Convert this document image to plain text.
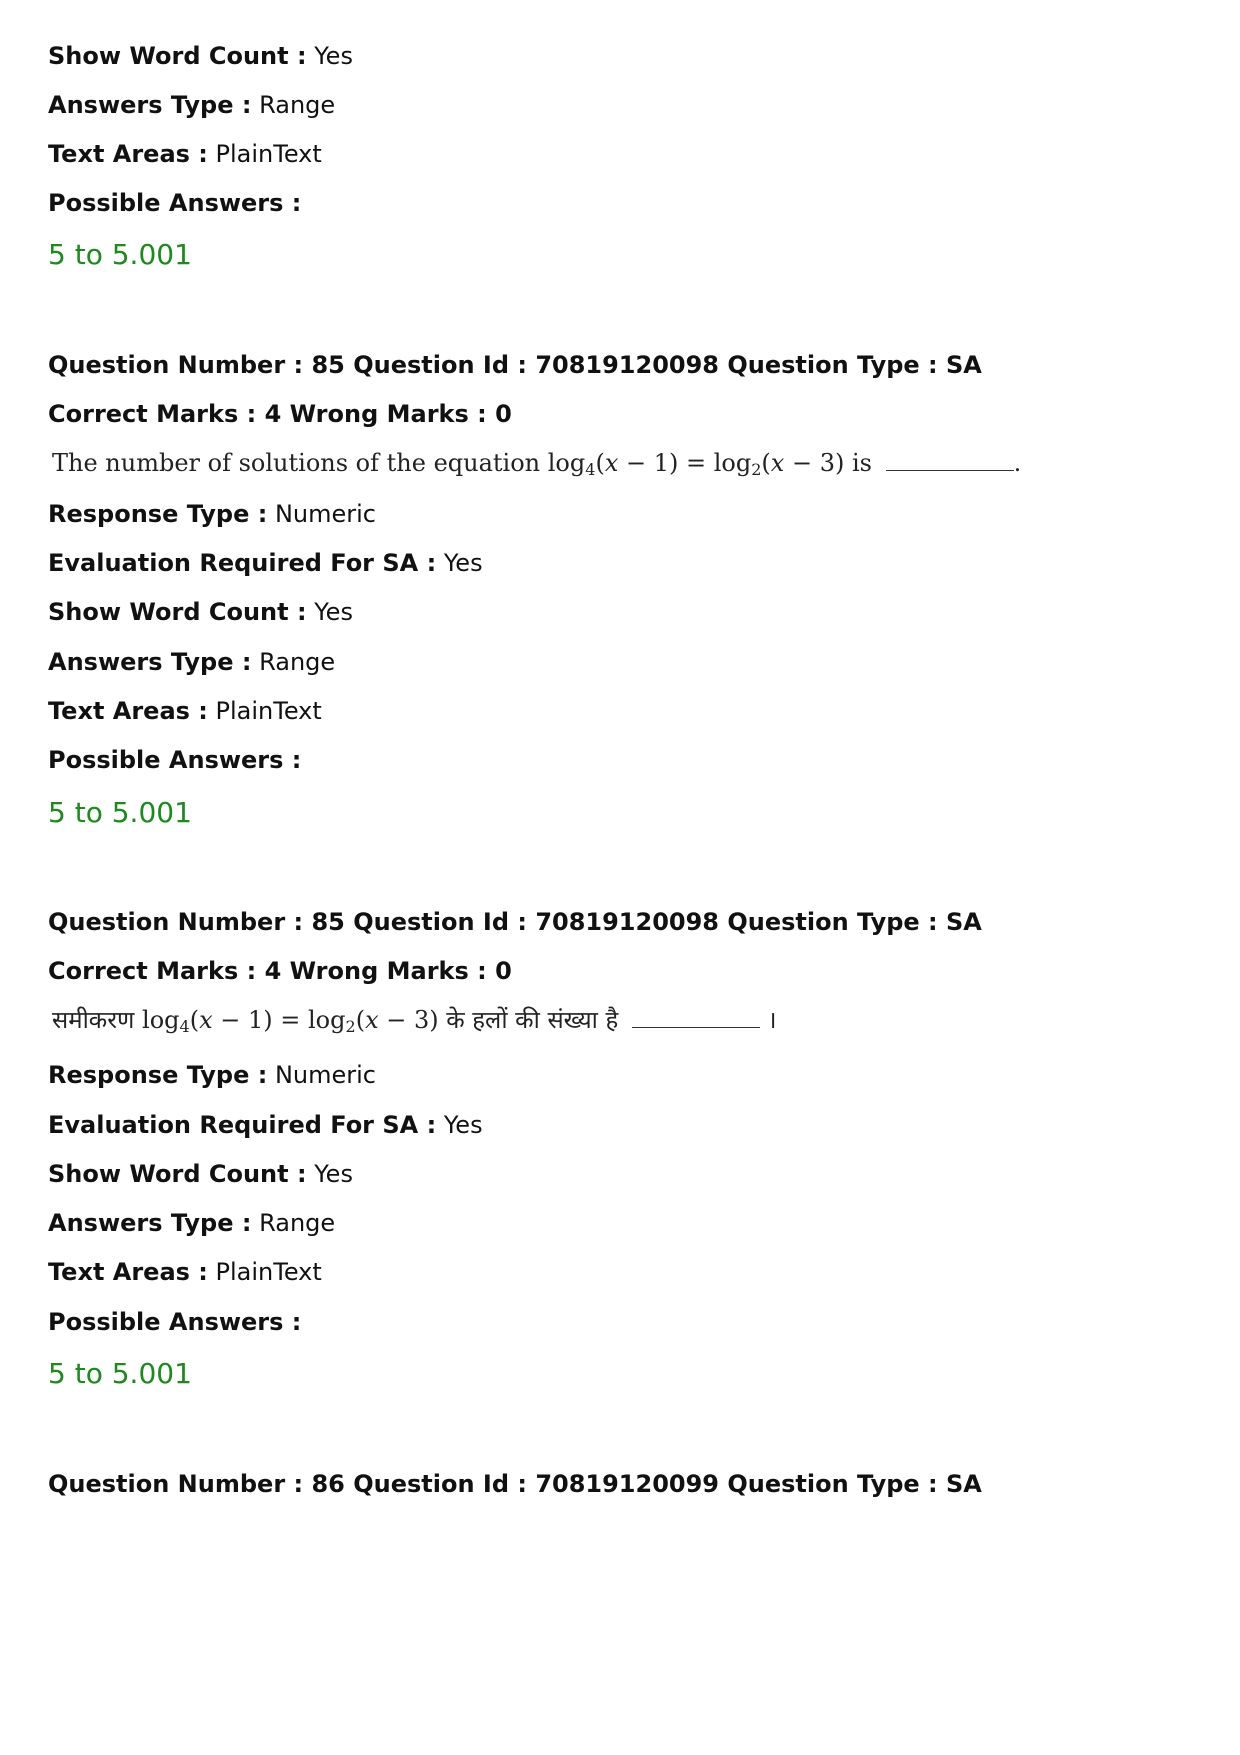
Show Word Count : Yes
Answers Type : Range
Text Areas : PlainText
Possible Answers :
5 to 5.001
Question Number : 85 Question Id : 70819120098 Question Type : SA
Correct Marks : 4 Wrong Marks : 0
The number of solutions of the equation $\log_4(x - 1) = \log_2(x - 3)$ is	.
Response Type : Numeric
Evaluation Required For SA : Yes
Show Word Count : Yes
Answers Type : Range
Text Areas : PlainText
Possible Answers :
5 to 5.001
Question Number : 85 Question Id : 70819120098 Question Type : SA
Correct Marks : 4 Wrong Marks : 0
समीकरण $\log_4(x - 1) = \log_2(x - 3)$ के हलों की संख्या है	।
Response Type : Numeric
Evaluation Required For SA : Yes
Show Word Count : Yes
Answers Type : Range
Text Areas : PlainText
Possible Answers :
5 to 5.001
Question Number : 86 Question Id : 70819120099 Question Type : SA
